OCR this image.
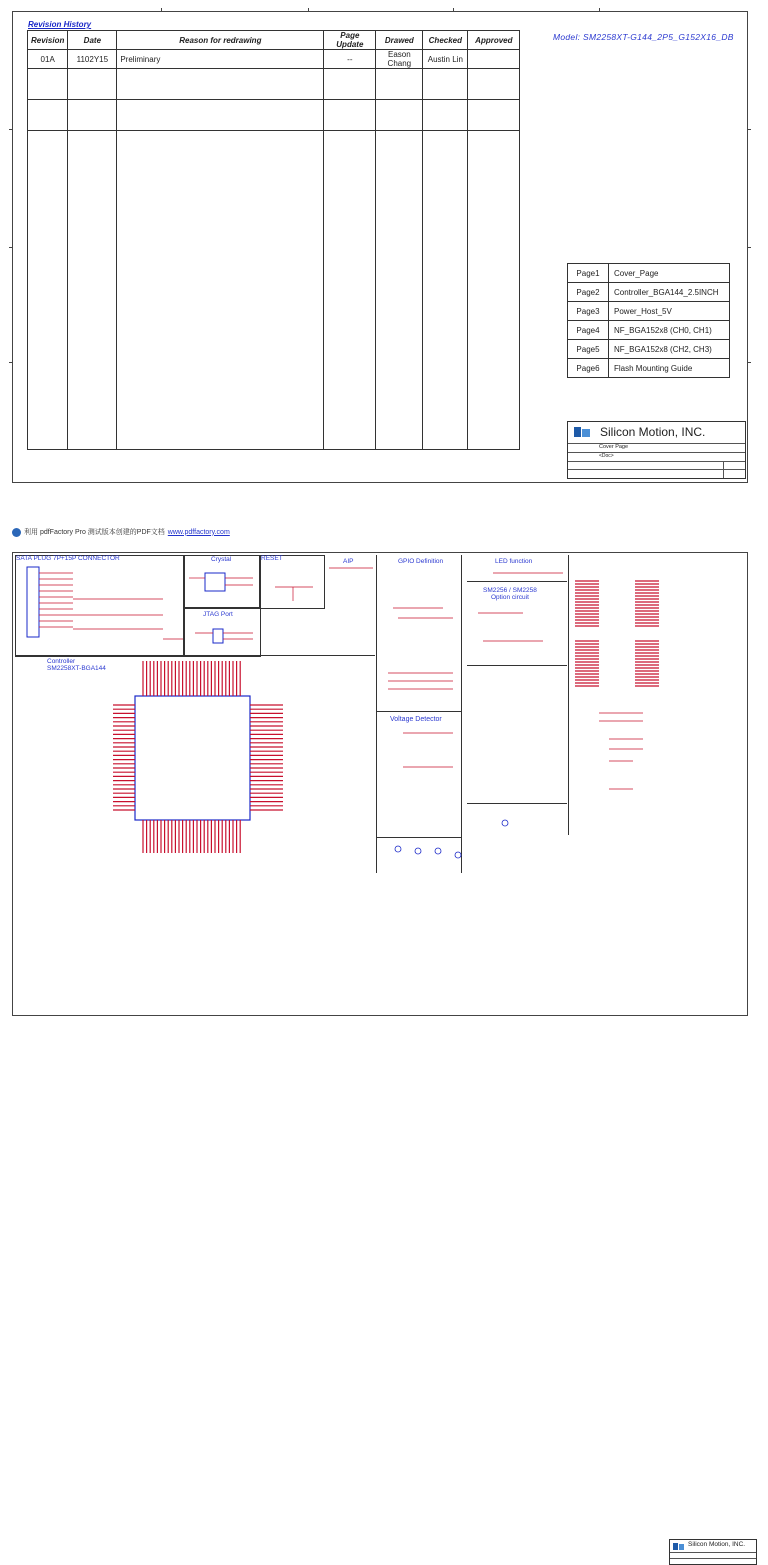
Revision History
Revision	Date	Reason for redrawing	Page Update	Drawed	Checked	Approved
01A	1102Y15	Preliminary	--	Eason Chang	Austin Lin	

Model: SM2258XT-G144_2P5_G152X16_DB
Page1	Cover_Page
Page2	Controller_BGA144_2.5INCH
Page3	Power_Host_5V
Page4	NF_BGA152x8 (CH0, CH1)
Page5	NF_BGA152x8 (CH2, CH3)
Page6	Flash Mounting Guide
Silicon Motion, INC.
Cover Page
<Doc>
利用 pdfFactory Pro 测试版本创建的PDF文档 www.pdffactory.com
SATA PLUG 7P+15P CONNECTOR	Crystal	RESET	AIP	GPIO Definition	LED function
SM2256 / SM2258
Option circuit
JTAG Port
Controller
SM2258XT-BGA144
Voltage Detector
Silicon Motion, INC.
